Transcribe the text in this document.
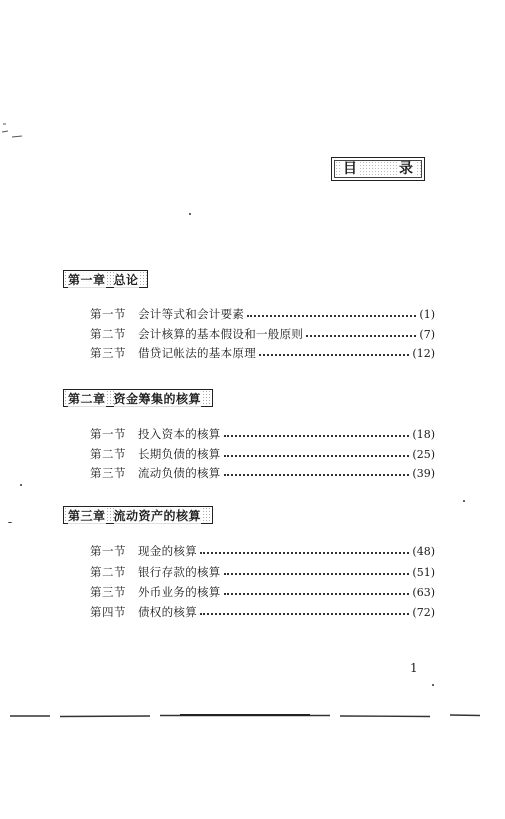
目	录
第一章 总论
第一节	会计等式和会计要素	(1)
第二节	会计核算的基本假设和一般原则	(7)
第三节	借贷记帐法的基本原理	(12)
第二章 资金筹集的核算
第一节	投入资本的核算	(18)
第二节	长期负债的核算	(25)
第三节	流动负债的核算	(39)
第三章 流动资产的核算
第一节	现金的核算	(48)
第二节	银行存款的核算	(51)
第三节	外币业务的核算	(63)
第四节	债权的核算	(72)
1
